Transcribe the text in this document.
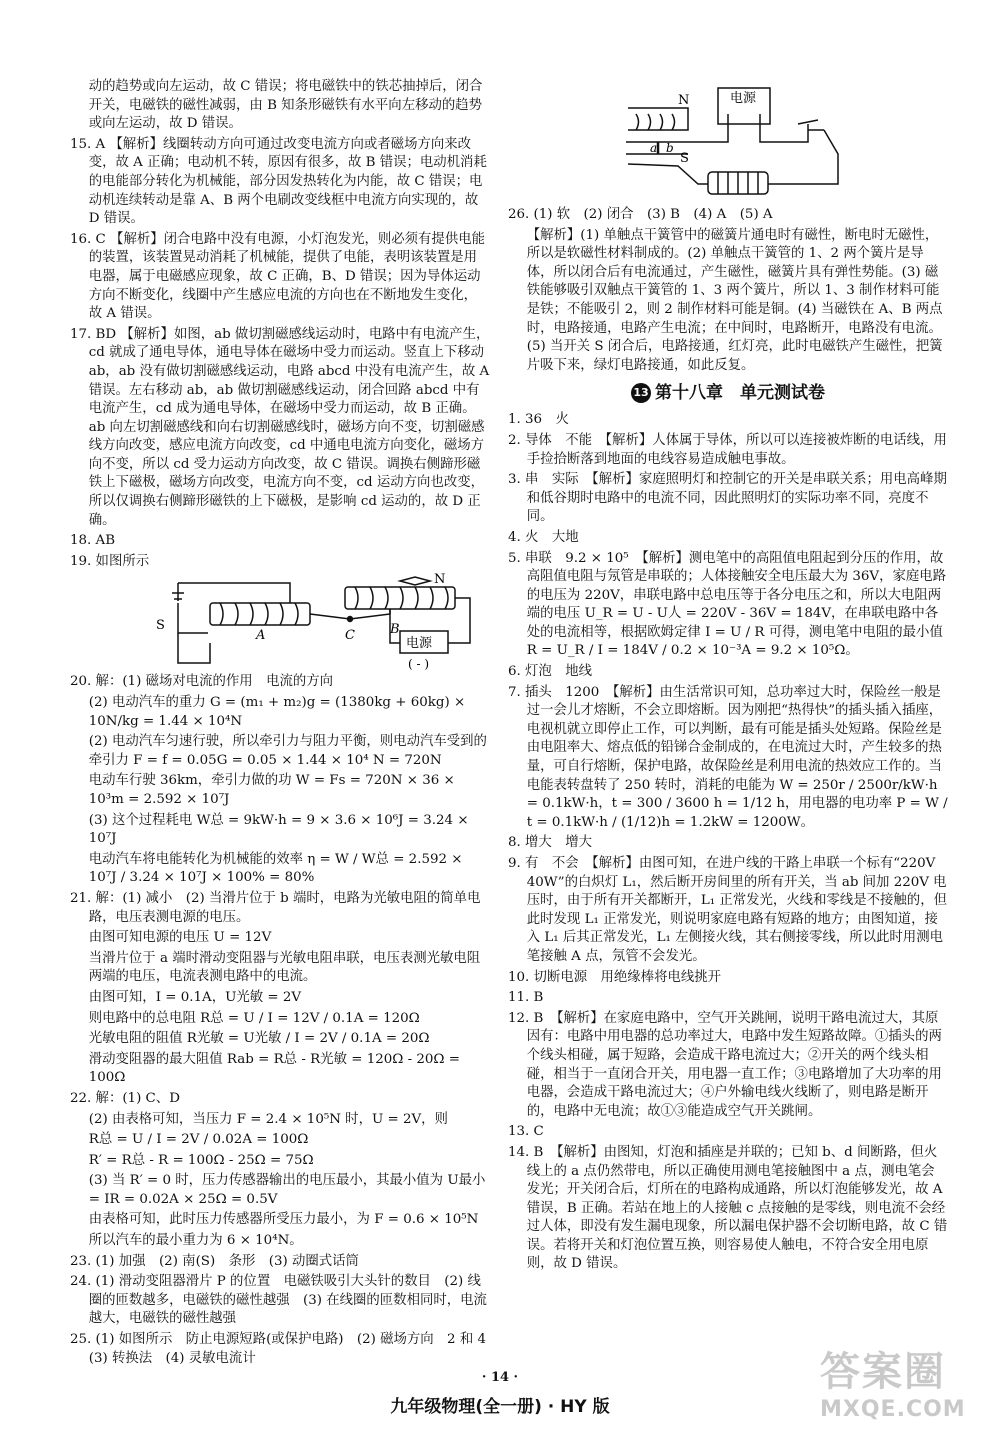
动的趋势或向左运动，故 C 错误；将电磁铁中的铁芯抽掉后，闭合开关，电磁铁的磁性减弱，由 B 知条形磁铁有水平向左移动的趋势或向左运动，故 D 错误。

15. A 【解析】线圈转动方向可通过改变电流方向或者磁场方向来改变，故 A 正确；电动机不转，原因有很多，故 B 错误；电动机消耗的电能部分转化为机械能，部分因发热转化为内能，故 C 错误；电动机连续转动是靠 A、B 两个电刷改变线框中电流方向实现的，故 D 错误。

16. C 【解析】闭合电路中没有电源，小灯泡发光，则必须有提供电能的装置，该装置晃动消耗了机械能，提供了电能，表明该装置是用电器，属于电磁感应现象，故 C 正确，B、D 错误；因为导体运动方向不断变化，线圈中产生感应电流的方向也在不断地发生变化，故 A 错误。

17. BD 【解析】如图，ab 做切割磁感线运动时，电路中有电流产生，cd 就成了通电导体，通电导体在磁场中受力而运动。竖直上下移动 ab，ab 没有做切割磁感线运动，电路 abcd 中没有电流产生，故 A 错误。左右移动 ab，ab 做切割磁感线运动，闭合回路 abcd 中有电流产生，cd 成为通电导体，在磁场中受力而运动，故 B 正确。ab 向左切割磁感线和向右切割磁感线时，磁场方向不变，切割磁感线方向改变，感应电流方向改变，cd 中通电电流方向变化，磁场方向不变，所以 cd 受力运动方向改变，故 C 错误。调换右侧蹄形磁铁上下磁极，磁场方向改变，电流方向不变，cd 运动方向也改变，所以仅调换右侧蹄形磁铁的上下磁极，是影响 cd 运动的，故 D 正确。

18. AB

19. 如图所示

S
A	C	B
N
电源
( - )

20. 解：(1) 磁场对电流的作用　电流的方向

(2) 电动汽车的重力 G = (m₁ + m₂)g = (1380kg + 60kg) × 10N/kg = 1.44 × 10⁴N

(2) 电动汽车匀速行驶，所以牵引力与阻力平衡，则电动汽车受到的牵引力 F = f = 0.05G = 0.05 × 1.44 × 10⁴ N = 720N

电动车行驶 36km，牵引力做的功 W = Fs = 720N × 36 × 10³m = 2.592 × 10⁷J

(3) 这个过程耗电 W总 = 9kW·h = 9 × 3.6 × 10⁶J = 3.24 × 10⁷J

电动汽车将电能转化为机械能的效率 η = W / W总 = 2.592 × 10⁷J / 3.24 × 10⁷J × 100% = 80%

21. 解：(1) 减小　(2) 当滑片位于 b 端时，电路为光敏电阻的简单电路，电压表测电源的电压。

由图可知电源的电压 U = 12V

当滑片位于 a 端时滑动变阻器与光敏电阻串联，电压表测光敏电阻两端的电压，电流表测电路中的电流。

由图可知，I = 0.1A，U光敏 = 2V

则电路中的总电阻 R总 = U / I = 12V / 0.1A = 120Ω

光敏电阻的阻值 R光敏 = U光敏 / I = 2V / 0.1A = 20Ω

滑动变阻器的最大阻值 Rab = R总 - R光敏 = 120Ω - 20Ω = 100Ω

22. 解：(1) C、D

(2) 由表格可知，当压力 F = 2.4 × 10⁵N 时，U = 2V，则

R总 = U / I = 2V / 0.02A = 100Ω

R′ = R总 - R = 100Ω - 25Ω = 75Ω

(3) 当 R′ = 0 时，压力传感器输出的电压最小，其最小值为 U最小 = IR = 0.02A × 25Ω = 0.5V

由表格可知，此时压力传感器所受压力最小，为 F = 0.6 × 10⁵N

所以汽车的最小重力为 6 × 10⁴N。

23. (1) 加强　(2) 南(S)　条形　(3) 动圈式话筒

24. (1) 滑动变阻器滑片 P 的位置　电磁铁吸引大头针的数目　(2) 线圈的匝数越多，电磁铁的磁性越强　(3) 在线圈的匝数相同时，电流越大，电磁铁的磁性越强

25. (1) 如图所示　防止电源短路(或保护电路)　(2) 磁场方向　2 和 4　(3) 转换法　(4) 灵敏电流计

电源
N
S
a b

26. (1) 软　(2) 闭合　(3) B　(4) A　(5) A

【解析】(1) 单触点干簧管中的磁簧片通电时有磁性，断电时无磁性，所以是软磁性材料制成的。(2) 单触点干簧管的 1、2 两个簧片是导体，所以闭合后有电流通过，产生磁性，磁簧片具有弹性势能。(3) 磁铁能够吸引双触点干簧管的 1、3 两个簧片，所以 1、3 制作材料可能是铁；不能吸引 2，则 2 制作材料可能是铜。(4) 当磁铁在 A、B 两点时，电路接通，电路产生电流；在中间时，电路断开，电路没有电流。(5) 当开关 S 闭合后，电路接通，红灯亮，此时电磁铁产生磁性，把簧片吸下来，绿灯电路接通，如此反复。

13 第十八章　单元测试卷

1. 36　火

2. 导体　不能　【解析】人体属于导体，所以可以连接被炸断的电话线，用手捡拾断落到地面的电线容易造成触电事故。

3. 串　实际　【解析】家庭照明灯和控制它的开关是串联关系；用电高峰期和低谷期时电路中的电流不同，因此照明灯的实际功率不同，亮度不同。

4. 火　大地

5. 串联　9.2 × 10⁵　【解析】测电笔中的高阻值电阻起到分压的作用，故高阻值电阻与氖管是串联的；人体接触安全电压最大为 36V，家庭电路的电压为 220V，串联电路中总电压等于各分电压之和，所以大电阻两端的电压 U_R = U - U人 = 220V - 36V = 184V，在串联电路中各处的电流相等，根据欧姆定律 I = U / R 可得，测电笔中电阻的最小值 R = U_R / I = 184V / 0.2 × 10⁻³A = 9.2 × 10⁵Ω。

6. 灯泡　地线

7. 插头　1200　【解析】由生活常识可知，总功率过大时，保险丝一般是过一会儿才熔断，不会立即熔断。因为刚把“热得快”的插头插入插座，电视机就立即停止工作，可以判断，最有可能是插头处短路。保险丝是由电阻率大、熔点低的铅锑合金制成的，在电流过大时，产生较多的热量，可自行熔断，保护电路，故保险丝是利用电流的热效应工作的。当电能表转盘转了 250 转时，消耗的电能为 W = 250r / 2500r/kW·h = 0.1kW·h，t = 300 / 3600 h = 1/12 h，用电器的电功率 P = W / t = 0.1kW·h / (1/12)h = 1.2kW = 1200W。

8. 增大　增大

9. 有　不会　【解析】由图可知，在进户线的干路上串联一个标有“220V　40W”的白炽灯 L₁，然后断开房间里的所有开关，当 ab 间加 220V 电压时，由于所有开关都断开，L₁ 正常发光，火线和零线是不接触的，但此时发现 L₁ 正常发光，则说明家庭电路有短路的地方；由图知道，接入 L₁ 后其正常发光，L₁ 左侧接火线，其右侧接零线，所以此时用测电笔接触 A 点，氖管不会发光。

10. 切断电源　用绝缘棒将电线挑开

11. B

12. B　【解析】在家庭电路中，空气开关跳闸，说明干路电流过大，其原因有：电路中用电器的总功率过大，电路中发生短路故障。①插头的两个线头相碰，属于短路，会造成干路电流过大；②开关的两个线头相碰，相当于一直闭合开关，用电器一直工作；③电路增加了大功率的用电器，会造成干路电流过大；④户外输电线火线断了，则电路是断开的，电路中无电流；故①③能造成空气开关跳闸。

13. C

14. B　【解析】由图知，灯泡和插座是并联的；已知 b、d 间断路，但火线上的 a 点仍然带电，所以正确使用测电笔接触图中 a 点，测电笔会发光；开关闭合后，灯所在的电路构成通路，所以灯泡能够发光，故 A 错误，B 正确。若站在地上的人接触 c 点接触的是零线，则电流不会经过人体，即没有发生漏电现象，所以漏电保护器不会切断电路，故 C 错误。若将开关和灯泡位置互换，则容易使人触电，不符合安全用电原则，故 D 错误。

· 14 ·
九年级物理(全一册) · HY 版
答案圈
MXQE.COM
